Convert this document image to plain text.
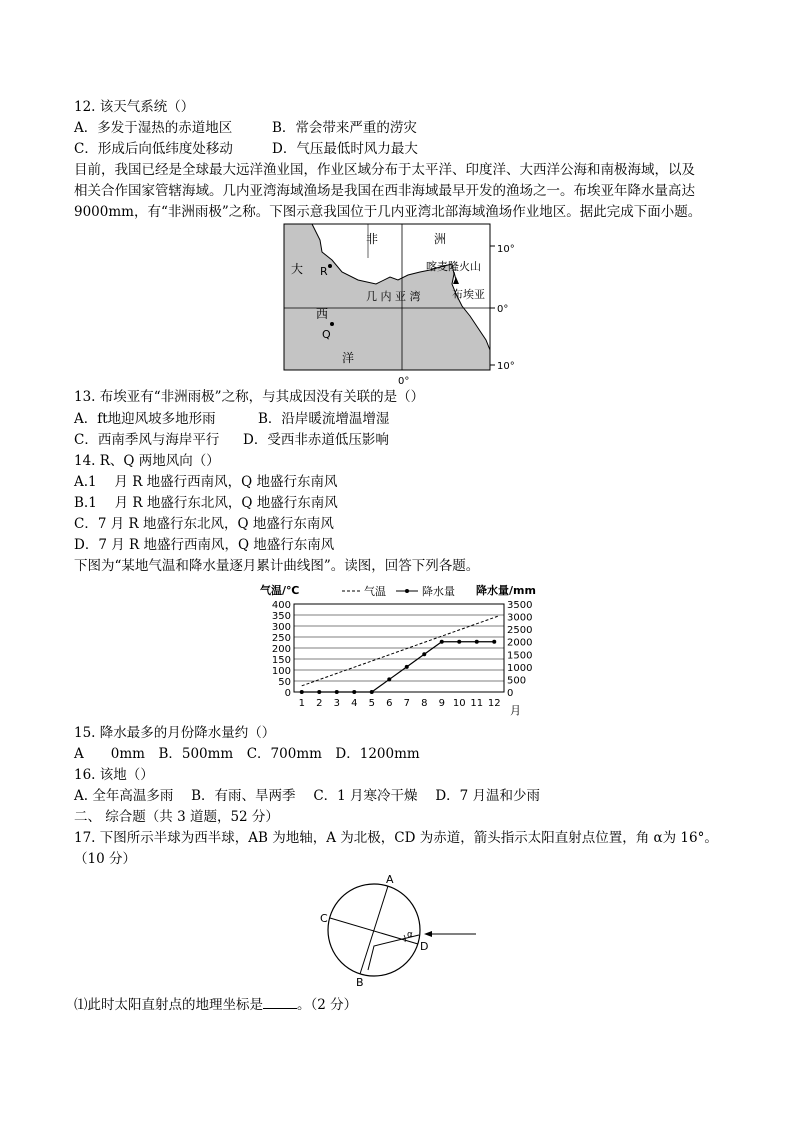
12. 该天气系统（）
A．多发于湿热的赤道地区	B．常会带来严重的涝灾
C．形成后向低纬度处移动	D．气压最低时风力最大
目前，我国已经是全球最大远洋渔业国，作业区域分布于太平洋、印度洋、大西洋公海和南极海域，以及
相关合作国家管辖海域。几内亚湾海域渔场是我国在西非海域最早开发的渔场之一。布埃亚年降水量高达
9000mm，有“非洲雨极”之称。下图示意我国位于几内亚湾北部海域渔场作业地区。据此完成下面小题。
非	洲
大 R
西
Q
洋
几 内 亚 湾
喀麦隆火山
布埃亚
10°
0°
10°
0°
13. 布埃亚有“非洲雨极”之称，与其成因没有关联的是（）
A．ft地迎风坡多地形雨	B．沿岸暖流增温增湿
C．西南季风与海岸平行 D．受西非赤道低压影响
14. R、Q 两地风向（）
A.1　 月 R 地盛行西南风，Q 地盛行东南风
B.1　 月 R 地盛行东北风，Q 地盛行东南风
C．7 月 R 地盛行东北风，Q 地盛行东南风
D．7 月 R 地盛行西南风，Q 地盛行东南风
下图为“某地气温和降水量逐月累计曲线图”。读图，回答下列各题。
气温/℃	降水量/mm
气温	降水量
0
50
100
150
200
250
300
350
400
0
500
1000
1500
2000
2500
3000
3500
1 2 3 4 5 6 7 8 9 10 11 12
月
15. 降水最多的月份降水量约（）
A　　0mm　B．500mm　C．700mm　D．1200mm
16. 该地（）
A. 全年高温多雨　 B．有雨、旱两季　 C．1 月寒冷干燥　 D．7 月温和少雨
二、 综合题（共 3 道题，52 分）
17. 下图所示半球为西半球，AB 为地轴，A 为北极，CD 为赤道，箭头指示太阳直射点位置，角 α为 16°。
（10 分）
A
B
C
D
α
⑴此时太阳直射点的地理坐标是	。（2 分）
